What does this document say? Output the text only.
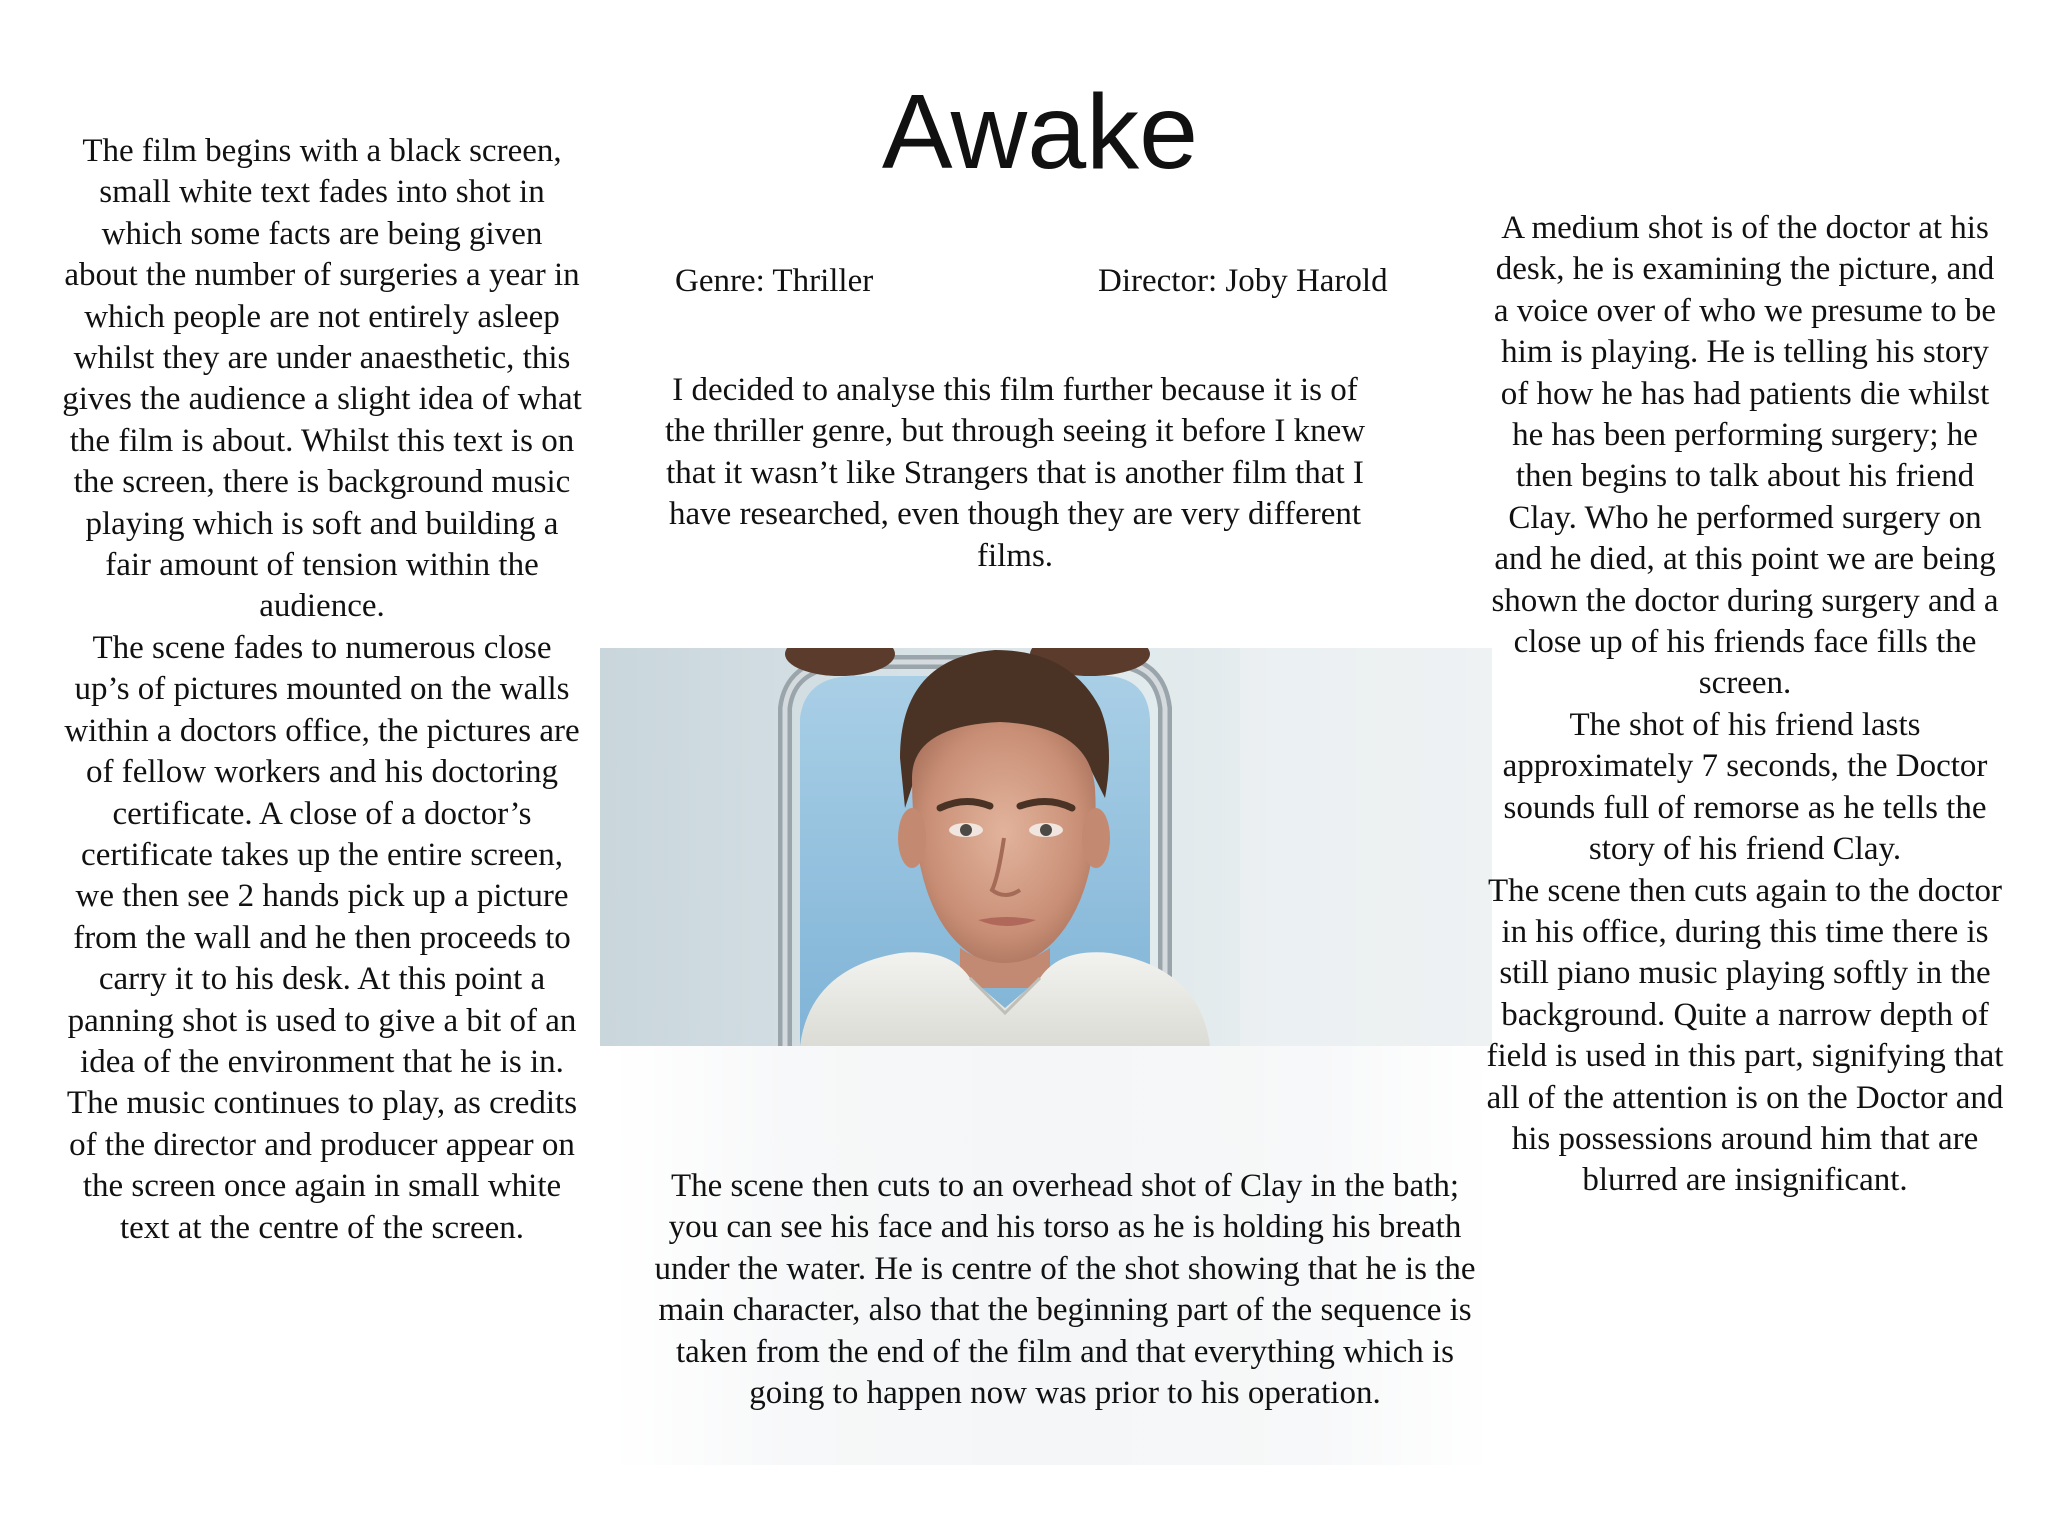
Awake

The film begins with a black screen, small white text fades into shot in which some facts are being given about the number of surgeries a year in which people are not entirely asleep whilst they are under anaesthetic, this gives the audience a slight idea of what the film is about. Whilst this text is on the screen, there is background music playing which is soft and building a fair amount of tension within the audience.

The scene fades to numerous close up’s of pictures mounted on the walls within a doctors office, the pictures are of fellow workers and his doctoring certificate. A close of a doctor’s certificate takes up the entire screen, we then see 2 hands pick up a picture from the wall and he then proceeds to carry it to his desk. At this point a panning shot is used to give a bit of an idea of the environment that he is in.

The music continues to play, as credits of the director and producer appear on the screen once again in small white text at the centre of the screen.

Genre: Thriller	Director: Joby Harold

I decided to analyse this film further because it is of the thriller genre, but through seeing it before I knew that it wasn’t like Strangers that is another film that I have researched, even though they are very different films.

The scene then cuts to an overhead shot of Clay in the bath; you can see his face and his torso as he is holding his breath under the water. He is centre of the shot showing that he is the main character, also that the beginning part of the sequence is taken from the end of the film and that everything which is going to happen now was prior to his operation.

A medium shot is of the doctor at his desk, he is examining the picture, and a voice over of who we presume to be him is playing. He is telling his story of how he has had patients die whilst he has been performing surgery; he then begins to talk about his friend Clay. Who he performed surgery on and he died, at this point we are being shown the doctor during surgery and a close up of his friends face fills the screen.

The shot of his friend lasts approximately 7 seconds, the Doctor sounds full of remorse as he tells the story of his friend Clay.

The scene then cuts again to the doctor in his office, during this time there is still piano music playing softly in the background. Quite a narrow depth of field is used in this part, signifying that all of the attention is on the Doctor and his possessions around him that are blurred are insignificant.
